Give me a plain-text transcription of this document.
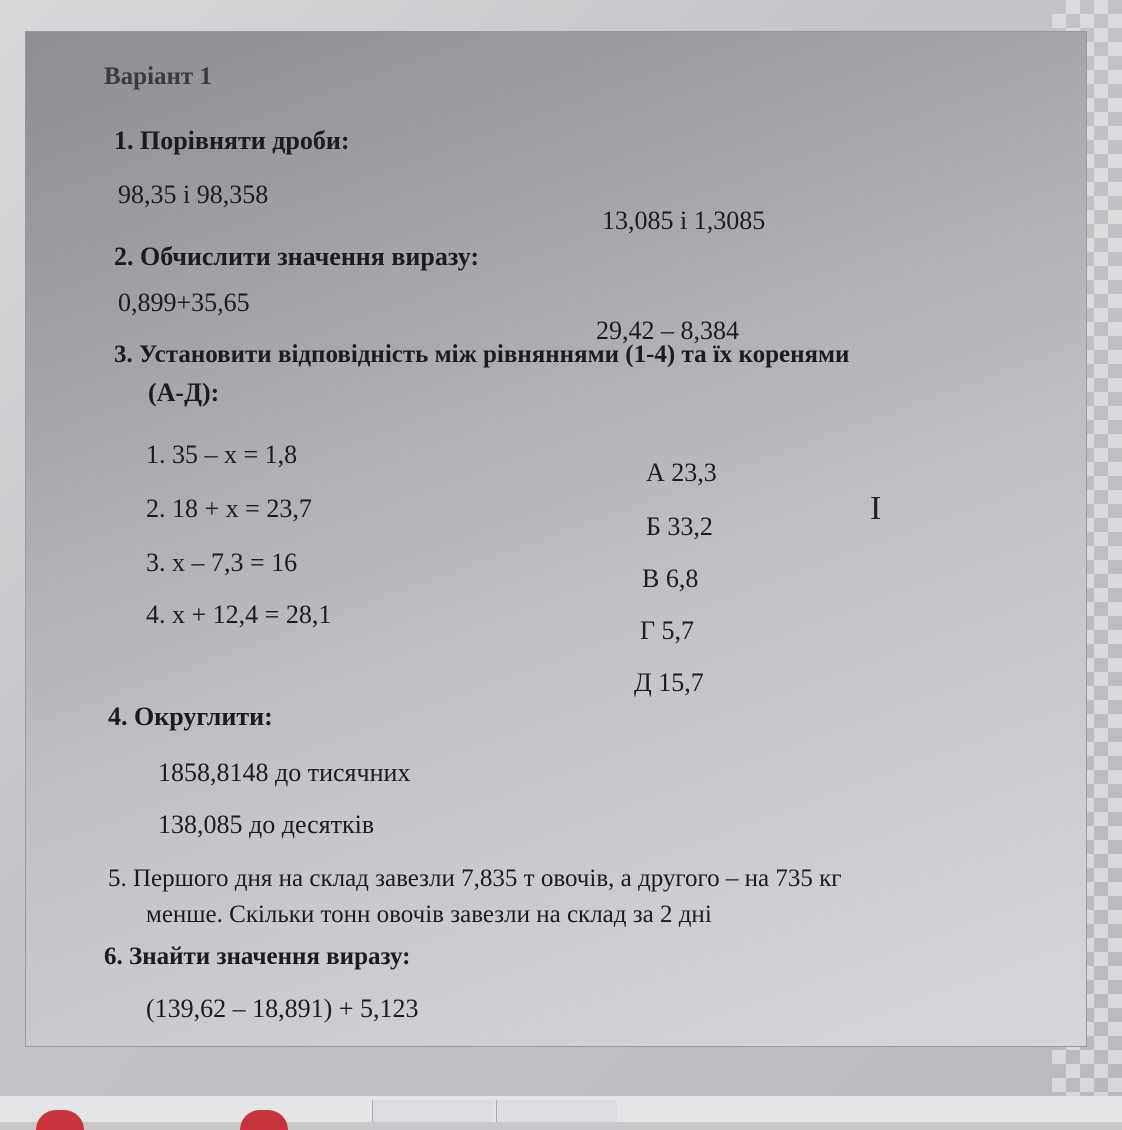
Варіант 1
1. Порівняти дроби:
98,35 і 98,358
13,085 і 1,3085
2. Обчислити значення виразу:
0,899+35,65
29,42 – 8,384
3. Установити відповідність між рівняннями (1-4) та їх коренями
(А-Д):
1. 35 – x = 1,8
2. 18 + x = 23,7
3. x – 7,3 = 16
4. x + 12,4 = 28,1
А 23,3
Б 33,2
В 6,8
Г 5,7
Д 15,7
I
4. Округлити:
1858,8148 до тисячних
138,085 до десятків
5. Першого дня на склад завезли 7,835 т овочів, а другого – на 735 кг
менше. Скільки тонн овочів завезли на склад за 2 дні
6. Знайти значення виразу:
(139,62 – 18,891) + 5,123
